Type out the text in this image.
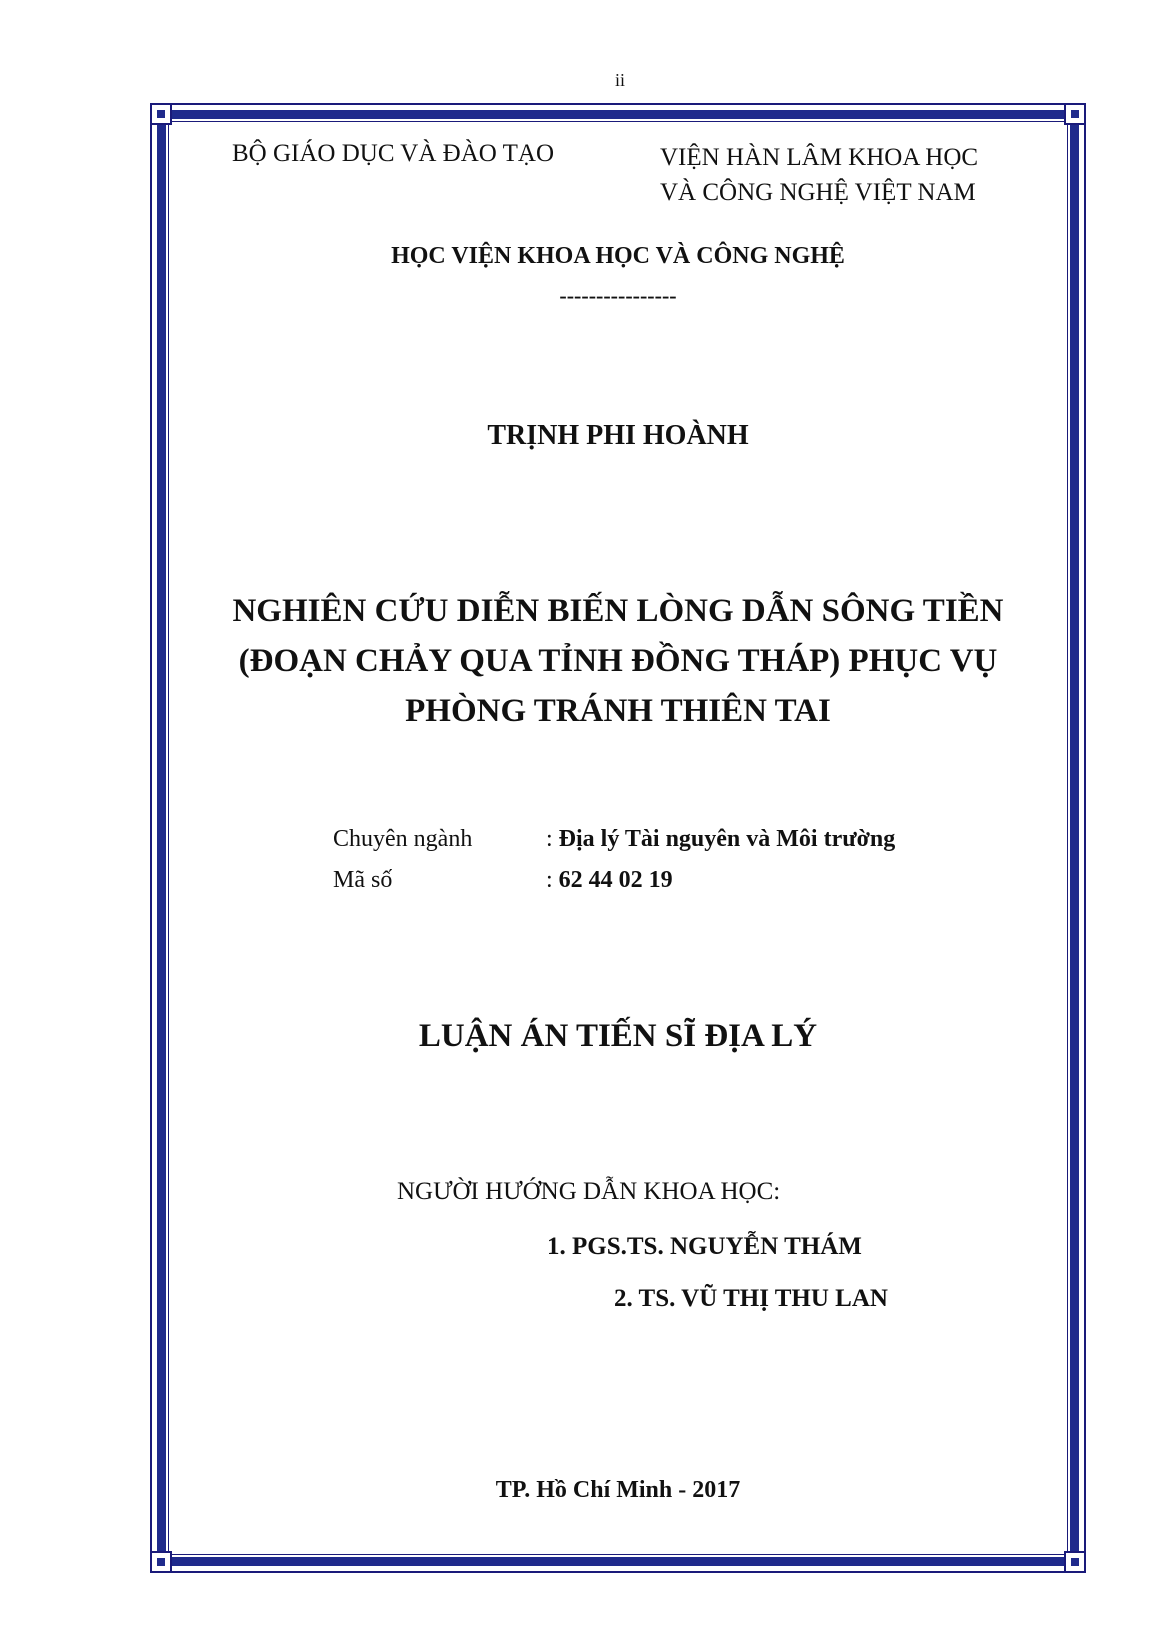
ii
BỘ GIÁO DỤC VÀ ĐÀO TẠO	VIỆN HÀN LÂM KHOA HỌC
VÀ CÔNG NGHỆ VIỆT NAM
HỌC VIỆN KHOA HỌC VÀ CÔNG NGHỆ
----------------
TRỊNH PHI HOÀNH
NGHIÊN CỨU DIỄN BIẾN LÒNG DẪN SÔNG TIỀN
(ĐOẠN CHẢY QUA TỈNH ĐỒNG THÁP) PHỤC VỤ
PHÒNG TRÁNH THIÊN TAI
Chuyên ngành	: Địa lý Tài nguyên và Môi trường
Mã số	: 62 44 02 19
LUẬN ÁN TIẾN SĨ ĐỊA LÝ
NGƯỜI HƯỚNG DẪN KHOA HỌC:
1. PGS.TS. NGUYỄN THÁM
2. TS. VŨ THỊ THU LAN
TP. Hồ Chí Minh - 2017
